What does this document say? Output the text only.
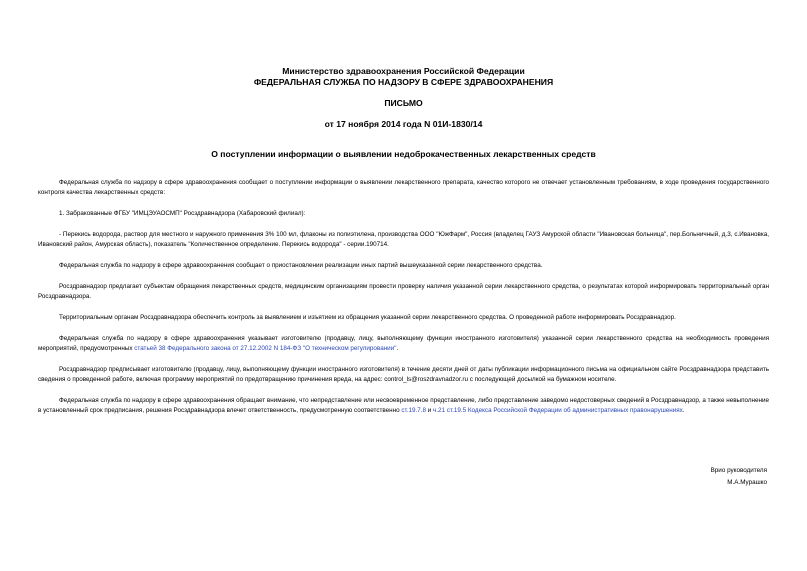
Министерство здравоохранения Российской Федерации
ФЕДЕРАЛЬНАЯ СЛУЖБА ПО НАДЗОРУ В СФЕРЕ ЗДРАВООХРАНЕНИЯ
ПИСЬМО
от 17 ноября 2014 года N 01И-1830/14
О поступлении информации о выявлении недоброкачественных лекарственных средств

Федеральная служба по надзору в сфере здравоохранения сообщает о поступлении информации о выявлении лекарственного препарата, качество которого не отвечает установленным требованиям, в ходе проведения государственного контроля качества лекарственных средств:

1. Забракованные ФГБУ "ИМЦЭУАОСМП" Росздравнадзора (Хабаровский филиал):

- Перекись водорода, раствор для местного и наружного применения 3% 100 мл, флаконы из полиэтилена, производства ООО "ЮжФарм", Россия (владелец ГАУЗ Амурской области "Ивановская больница", пер.Больничный, д.3, с.Ивановка, Ивановский район, Амурская область), показатель "Количественное определение. Перекись водорода" - серии.190714.

Федеральная служба по надзору в сфере здравоохранения сообщает о приостановлении реализации иных партий вышеуказанной серии лекарственного средства.

Росздравнадзор предлагает субъектам обращения лекарственных средств, медицинским организациям провести проверку наличия указанной серии лекарственного средства, о результатах которой информировать территориальный орган Росздравнадзора.

Территориальным органам Росздравнадзора обеспечить контроль за выявлением и изъятием из обращения указанной серии лекарственного средства. О проведенной работе информировать Росздравнадзор.

Федеральная служба по надзору в сфере здравоохранения указывает изготовителю (продавцу, лицу, выполняющему функции иностранного изготовителя) указанной серии лекарственного средства на необходимость проведения мероприятий, предусмотренных статьей 38 Федерального закона от 27.12.2002 N 184-ФЗ "О техническом регулировании".

Росздравнадзор предписывает изготовителю (продавцу, лицу, выполняющему функции иностранного изготовителя) в течение десяти дней от даты публикации информационного письма на официальном сайте Росздравнадзора представить сведения о проведенной работе, включая программу мероприятий по предотвращению причинения вреда, на адрес: control_ls@roszdravnadzor.ru с последующей досылкой на бумажном носителе.

Федеральная служба по надзору в сфере здравоохранения обращает внимание, что непредставление или несвоевременное представление, либо представление заведомо недостоверных сведений в Росздравнадзор, а также невыполнение в установленный срок предписания, решения Росздравнадзора влечет ответственность, предусмотренную соответственно ст.19.7.8 и ч.21 ст.19.5 Кодекса Российской Федерации об административных правонарушениях.

Врио руководителя
М.А.Мурашко
